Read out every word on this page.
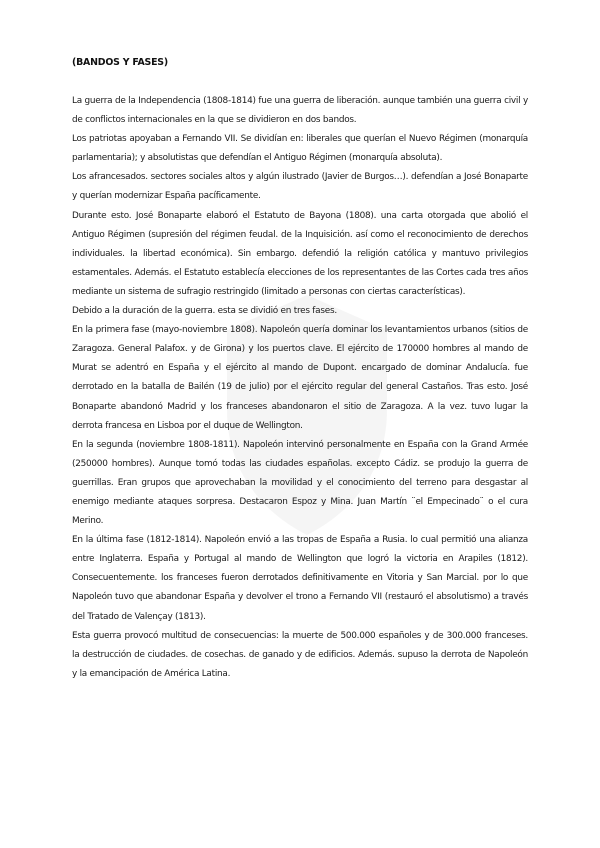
(BANDOS Y FASES)

La guerra de la Independencia (1808-1814) fue una guerra de liberación. aunque también una guerra civil y de conflictos internacionales en la que se dividieron en dos bandos.

Los patriotas apoyaban a Fernando VII. Se dividían en: liberales que querían el Nuevo Régimen (monarquía parlamentaria); y absolutistas que defendían el Antiguo Régimen (monarquía absoluta).

Los afrancesados. sectores sociales altos y algún ilustrado (Javier de Burgos…). defendían a José Bonaparte y querían modernizar España pacíficamente.

Durante esto. José Bonaparte elaboró el Estatuto de Bayona (1808). una carta otorgada que abolió el Antiguo Régimen (supresión del régimen feudal. de la Inquisición. así como el reconocimiento de derechos individuales. la libertad económica). Sin embargo. defendió la religión católica y mantuvo privilegios estamentales. Además. el Estatuto establecía elecciones de los representantes de las Cortes cada tres años mediante un sistema de sufragio restringido (limitado a personas con ciertas características).

Debido a la duración de la guerra. esta se dividió en tres fases.

En la primera fase (mayo-noviembre 1808). Napoleón quería dominar los levantamientos urbanos (sitios de Zaragoza. General Palafox. y de Girona) y los puertos clave. El ejército de 170000 hombres al mando de Murat se adentró en España y el ejército al mando de Dupont. encargado de dominar Andalucía. fue derrotado en la batalla de Bailén (19 de julio) por el ejército regular del general Castaños. Tras esto. José Bonaparte abandonó Madrid y los franceses abandonaron el sitio de Zaragoza. A la vez. tuvo lugar la derrota francesa en Lisboa por el duque de Wellington.

En la segunda (noviembre 1808-1811). Napoleón intervinó personalmente en España con la Grand Armée (250000 hombres). Aunque tomó todas las ciudades españolas. excepto Cádiz. se produjo la guerra de guerrillas. Eran grupos que aprovechaban la movilidad y el conocimiento del terreno para desgastar al enemigo mediante ataques sorpresa. Destacaron Espoz y Mina. Juan Martín ¨el Empecinado¨ o el cura Merino.

En la última fase (1812-1814). Napoleón envió a las tropas de España a Rusia. lo cual permitió una alianza entre Inglaterra. España y Portugal al mando de Wellington que logró la victoria en Arapiles (1812). Consecuentemente. los franceses fueron derrotados definitivamente en Vitoria y San Marcial. por lo que Napoleón tuvo que abandonar España y devolver el trono a Fernando VII (restauró el absolutismo) a través del Tratado de Valençay (1813).

Esta guerra provocó multitud de consecuencias: la muerte de 500.000 españoles y de 300.000 franceses. la destrucción de ciudades. de cosechas. de ganado y de edificios. Además. supuso la derrota de Napoleón y la emancipación de América Latina.
